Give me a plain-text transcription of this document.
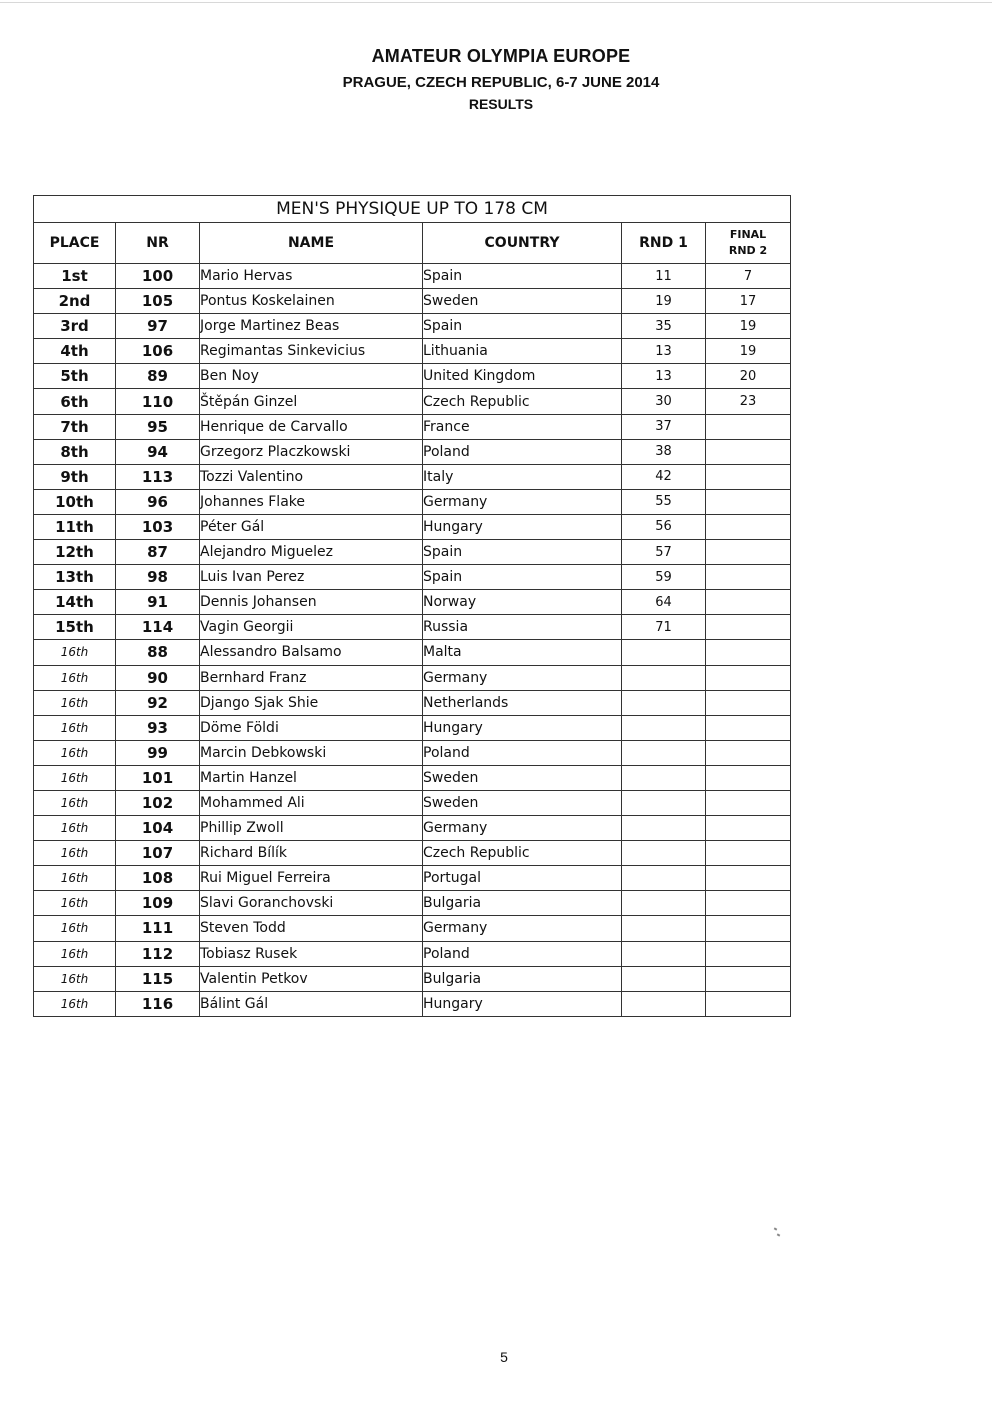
AMATEUR OLYMPIA EUROPE
PRAGUE, CZECH REPUBLIC, 6-7 JUNE 2014
RESULTS
MEN'S PHYSIQUE UP TO 178 CM					
PLACE	NR	NAME	COUNTRY	RND 1	FINAL
RND 2

1st	100	Mario Hervas	Spain	11	7
2nd	105	Pontus Koskelainen	Sweden	19	17
3rd	97	Jorge Martinez Beas	Spain	35	19
4th	106	Regimantas Sinkevicius	Lithuania	13	19
5th	89	Ben Noy	United Kingdom	13	20
6th	110	Štěpán Ginzel	Czech Republic	30	23
7th	95	Henrique de Carvallo	France	37	
8th	94	Grzegorz Placzkowski	Poland	38	
9th	113	Tozzi Valentino	Italy	42	
10th	96	Johannes Flake	Germany	55	
11th	103	Péter Gál	Hungary	56	
12th	87	Alejandro Miguelez	Spain	57	
13th	98	Luis Ivan Perez	Spain	59	
14th	91	Dennis Johansen	Norway	64	
15th	114	Vagin Georgii	Russia	71	
16th	88	Alessandro Balsamo	Malta		
16th	90	Bernhard Franz	Germany		
16th	92	Django Sjak Shie	Netherlands		
16th	93	Döme Földi	Hungary		
16th	99	Marcin Debkowski	Poland		
16th	101	Martin Hanzel	Sweden		
16th	102	Mohammed Ali	Sweden		
16th	104	Phillip Zwoll	Germany		
16th	107	Richard Bílík	Czech Republic		
16th	108	Rui Miguel Ferreira	Portugal		
16th	109	Slavi Goranchovski	Bulgaria		
16th	111	Steven Todd	Germany		
16th	112	Tobiasz Rusek	Poland		
16th	115	Valentin Petkov	Bulgaria		
16th	116	Bálint Gál	Hungary		
5
